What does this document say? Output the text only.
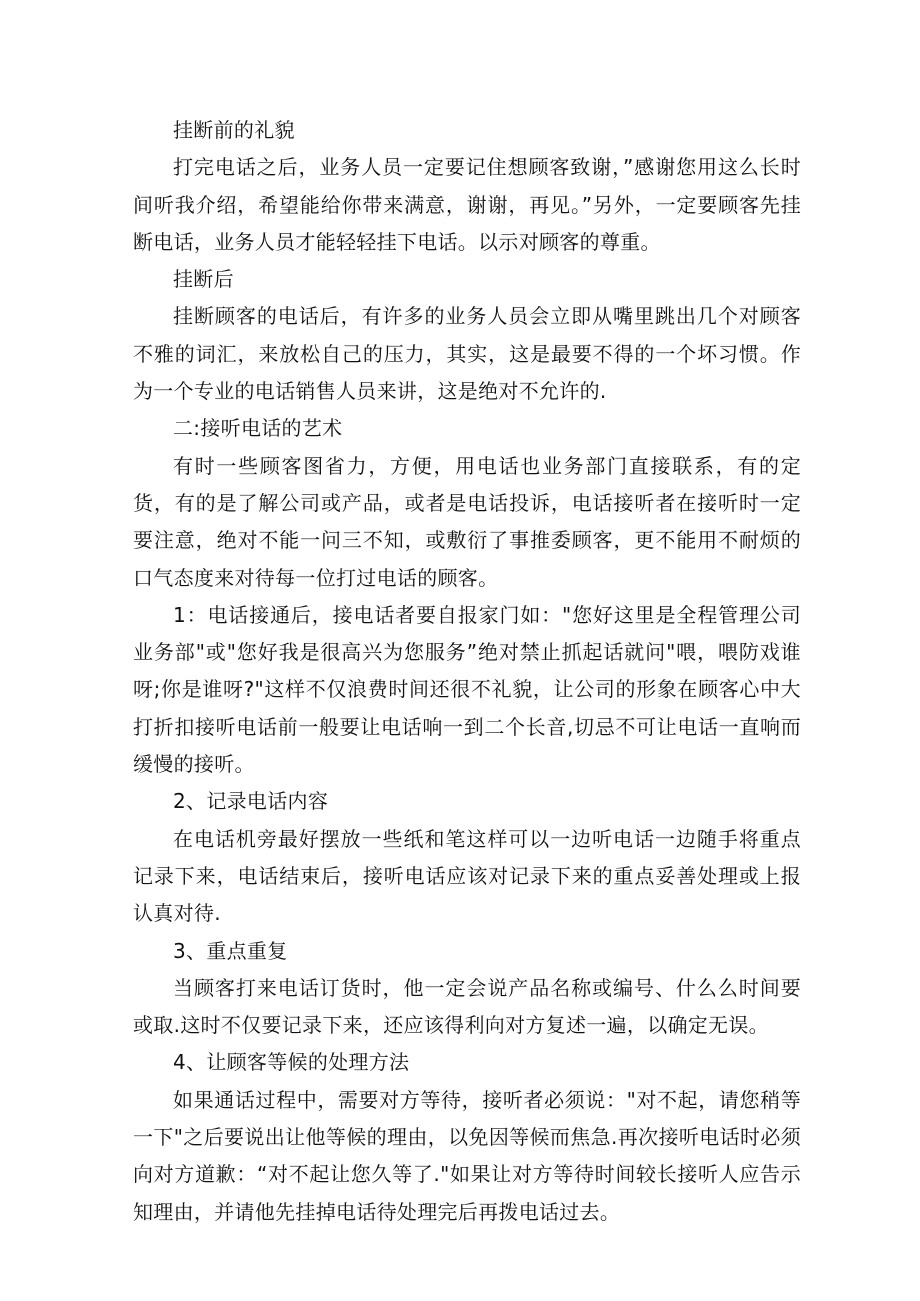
挂断前的礼貌

打完电话之后，业务人员一定要记住想顾客致谢，”感谢您用这么长时间听我介绍，希望能给你带来满意，谢谢，再见。”另外，一定要顾客先挂断电话，业务人员才能轻轻挂下电话。以示对顾客的尊重。

挂断后

挂断顾客的电话后，有许多的业务人员会立即从嘴里跳出几个对顾客不雅的词汇，来放松自己的压力，其实，这是最要不得的一个坏习惯。作为一个专业的电话销售人员来讲，这是绝对不允许的.

二:接听电话的艺术

有时一些顾客图省力，方便，用电话也业务部门直接联系，有的定货，有的是了解公司或产品，或者是电话投诉，电话接听者在接听时一定要注意，绝对不能一问三不知，或敷衍了事推委顾客，更不能用不耐烦的口气态度来对待每一位打过电话的顾客。

1：电话接通后，接电话者要自报家门如："您好这里是全程管理公司业务部"或"您好我是很高兴为您服务”绝对禁止抓起话就问"喂，喂防戏谁呀;你是谁呀?"这样不仅浪费时间还很不礼貌，让公司的形象在顾客心中大打折扣接听电话前一般要让电话响一到二个长音,切忌不可让电话一直响而缓慢的接听。

2、记录电话内容

在电话机旁最好摆放一些纸和笔这样可以一边听电话一边随手将重点记录下来，电话结束后，接听电话应该对记录下来的重点妥善处理或上报认真对待.

3、重点重复

当顾客打来电话订货时，他一定会说产品名称或编号、什么么时间要或取.这时不仅要记录下来，还应该得利向对方复述一遍，以确定无误。

4、让顾客等候的处理方法

如果通话过程中，需要对方等待，接听者必须说："对不起，请您稍等一下"之后要说出让他等候的理由，以免因等候而焦急.再次接听电话时必须向对方道歉：“对不起让您久等了."如果让对方等待时间较长接听人应告示知理由，并请他先挂掉电话待处理完后再拨电话过去。
